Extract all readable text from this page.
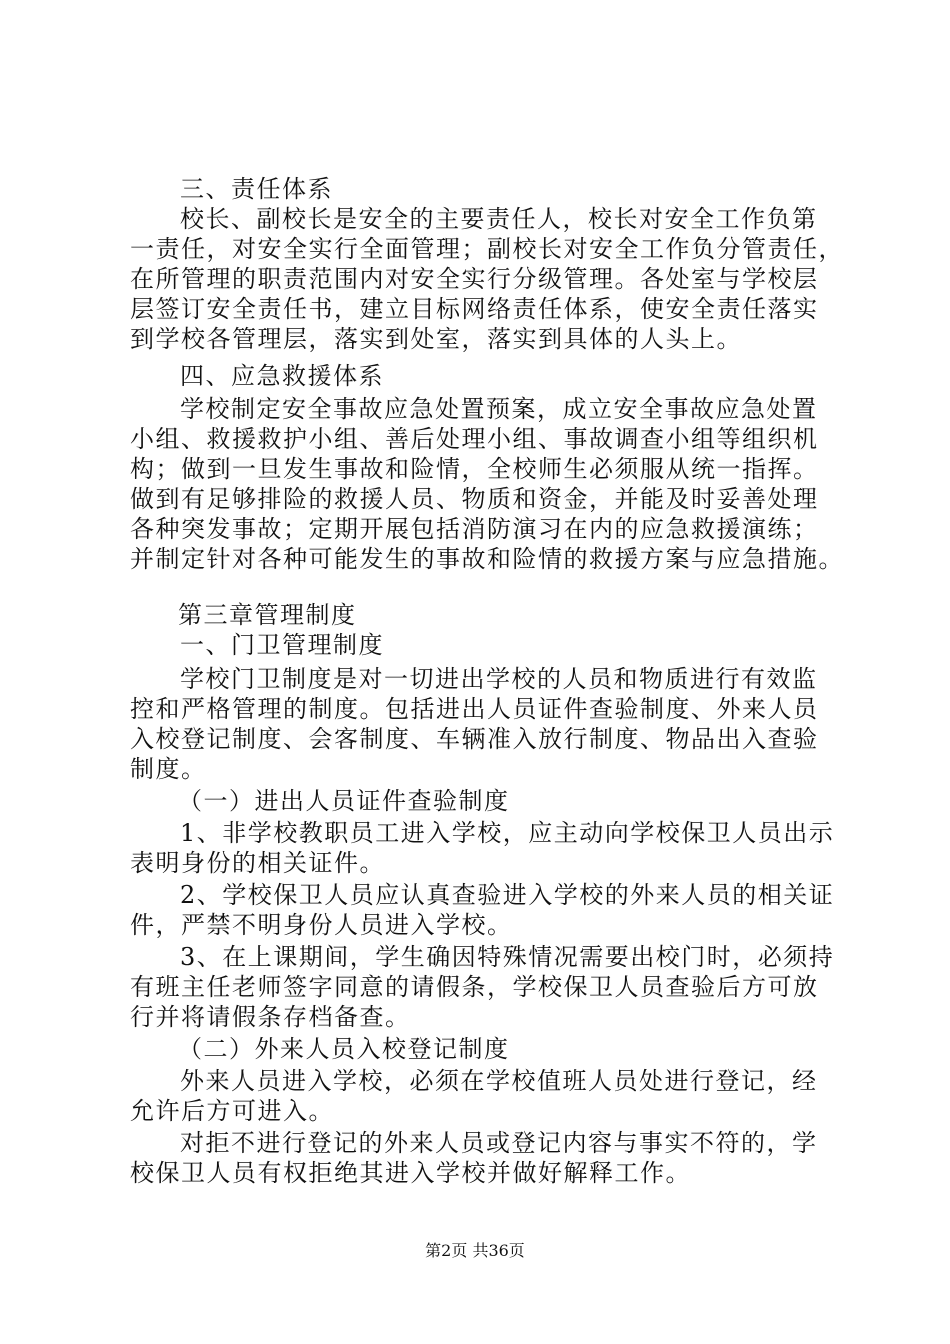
三、责任体系
校长、副校长是安全的主要责任人，校长对安全工作负第
一责任，对安全实行全面管理；副校长对安全工作负分管责任，
在所管理的职责范围内对安全实行分级管理。各处室与学校层
层签订安全责任书，建立目标网络责任体系，使安全责任落实
到学校各管理层，落实到处室，落实到具体的人头上。
四、应急救援体系
学校制定安全事故应急处置预案，成立安全事故应急处置
小组、救援救护小组、善后处理小组、事故调查小组等组织机
构；做到一旦发生事故和险情，全校师生必须服从统一指挥。
做到有足够排险的救援人员、物质和资金，并能及时妥善处理
各种突发事故；定期开展包括消防演习在内的应急救援演练；
并制定针对各种可能发生的事故和险情的救援方案与应急措施。
第三章管理制度
一、门卫管理制度
学校门卫制度是对一切进出学校的人员和物质进行有效监
控和严格管理的制度。包括进出人员证件查验制度、外来人员
入校登记制度、会客制度、车辆准入放行制度、物品出入查验
制度。
（一）进出人员证件查验制度
1、非学校教职员工进入学校，应主动向学校保卫人员出示
表明身份的相关证件。
2、学校保卫人员应认真查验进入学校的外来人员的相关证
件，严禁不明身份人员进入学校。
3、在上课期间，学生确因特殊情况需要出校门时，必须持
有班主任老师签字同意的请假条，学校保卫人员查验后方可放
行并将请假条存档备查。
（二）外来人员入校登记制度
外来人员进入学校，必须在学校值班人员处进行登记，经
允许后方可进入。
对拒不进行登记的外来人员或登记内容与事实不符的，学
校保卫人员有权拒绝其进入学校并做好解释工作。
第2页 共36页
